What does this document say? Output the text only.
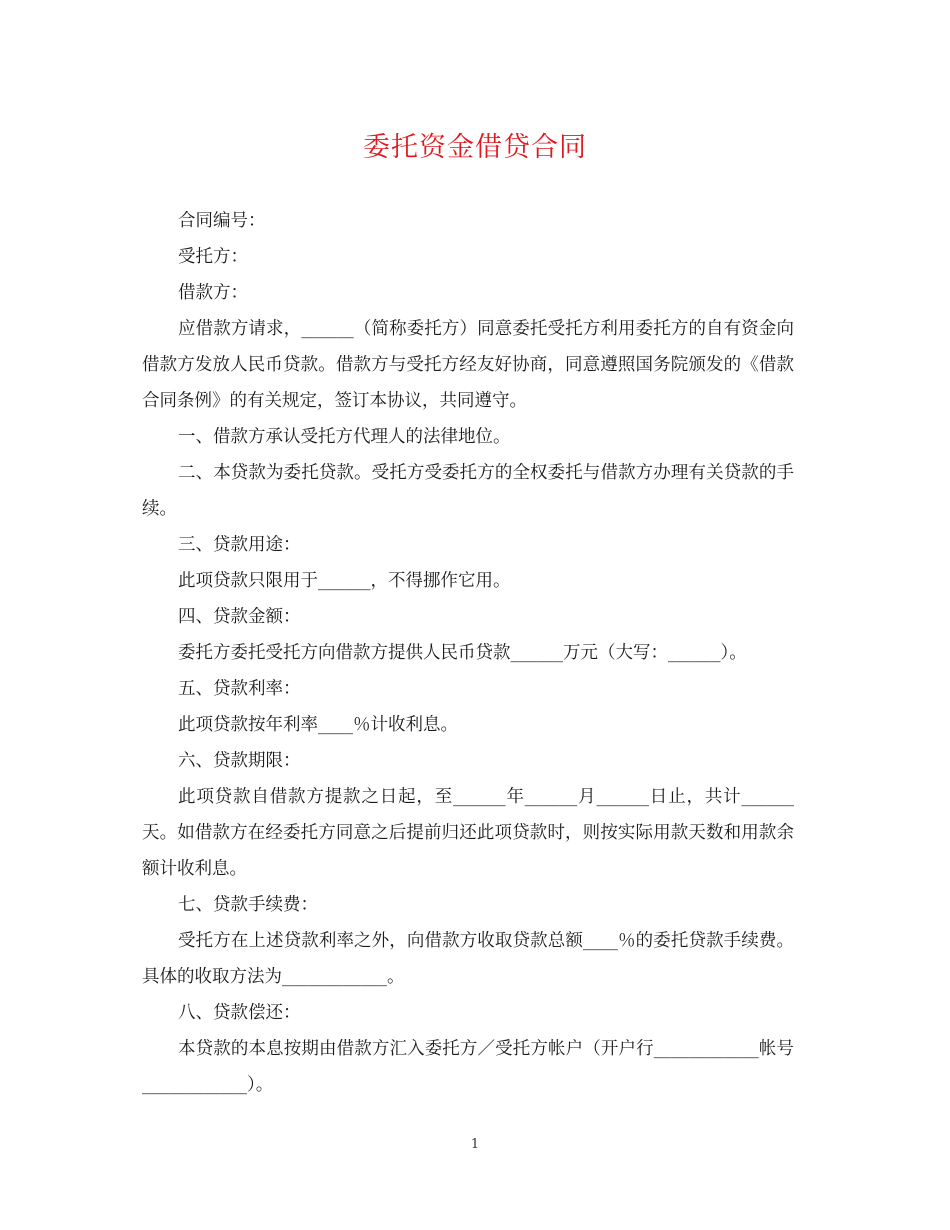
委托资金借贷合同

合同编号：

受托方：

借款方：

应借款方请求，______（简称委托方）同意委托受托方利用委托方的自有资金向借款方发放人民币贷款。借款方与受托方经友好协商，同意遵照国务院颁发的《借款合同条例》的有关规定，签订本协议，共同遵守。

一、借款方承认受托方代理人的法律地位。

二、本贷款为委托贷款。受托方受委托方的全权委托与借款方办理有关贷款的手续。

三、贷款用途：

此项贷款只限用于______，不得挪作它用。

四、贷款金额：

委托方委托受托方向借款方提供人民币贷款______万元（大写：______）。

五、贷款利率：

此项贷款按年利率____％计收利息。

六、贷款期限：

此项贷款自借款方提款之日起，至______年______月______日止，共计______天。如借款方在经委托方同意之后提前归还此项贷款时，则按实际用款天数和用款余额计收利息。

七、贷款手续费：

受托方在上述贷款利率之外，向借款方收取贷款总额____％的委托贷款手续费。具体的收取方法为____________。

八、贷款偿还：

本贷款的本息按期由借款方汇入委托方／受托方帐户（开户行____________帐号____________）。

1
